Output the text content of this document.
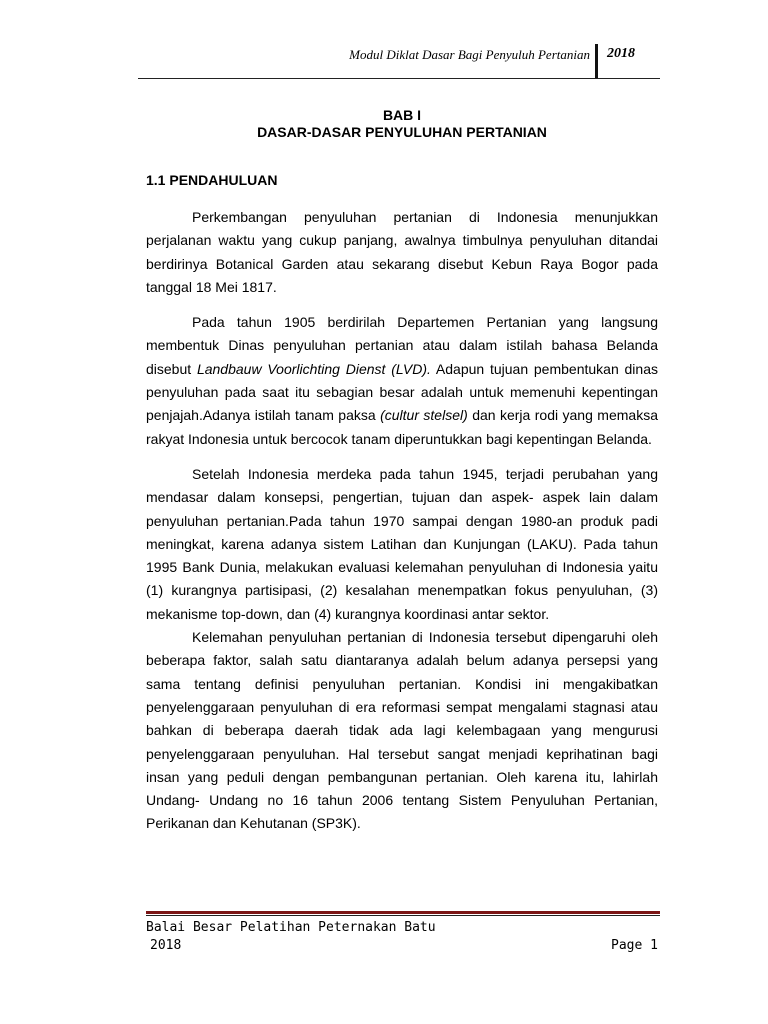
Modul Diklat Dasar Bagi Penyuluh Pertanian 2018
BAB I
DASAR-DASAR PENYULUHAN PERTANIAN
1.1 PENDAHULUAN

Perkembangan penyuluhan pertanian di Indonesia menunjukkan perjalanan waktu yang cukup panjang, awalnya timbulnya penyuluhan ditandai berdirinya Botanical Garden atau sekarang disebut Kebun Raya Bogor pada tanggal 18 Mei 1817.

Pada tahun 1905 berdirilah Departemen Pertanian yang langsung membentuk Dinas penyuluhan pertanian atau dalam istilah bahasa Belanda disebut Landbauw Voorlichting Dienst (LVD). Adapun tujuan pembentukan dinas penyuluhan pada saat itu sebagian besar adalah untuk memenuhi kepentingan penjajah.Adanya istilah tanam paksa (cultur stelsel) dan kerja rodi yang memaksa rakyat Indonesia untuk bercocok tanam diperuntukkan bagi kepentingan Belanda.

Setelah Indonesia merdeka pada tahun 1945, terjadi perubahan yang mendasar dalam konsepsi, pengertian, tujuan dan aspek- aspek lain dalam penyuluhan pertanian.Pada tahun 1970 sampai dengan 1980-an produk padi meningkat, karena adanya sistem Latihan dan Kunjungan (LAKU). Pada tahun 1995 Bank Dunia, melakukan evaluasi kelemahan penyuluhan di Indonesia yaitu (1) kurangnya partisipasi, (2) kesalahan menempatkan fokus penyuluhan, (3) mekanisme top-down, dan (4) kurangnya koordinasi antar sektor.

Kelemahan penyuluhan pertanian di Indonesia tersebut dipengaruhi oleh beberapa faktor, salah satu diantaranya adalah belum adanya persepsi yang sama tentang definisi penyuluhan pertanian. Kondisi ini mengakibatkan penyelenggaraan penyuluhan di era reformasi sempat mengalami stagnasi atau bahkan di beberapa daerah tidak ada lagi kelembagaan yang mengurusi penyelenggaraan penyuluhan. Hal tersebut sangat menjadi keprihatinan bagi insan yang peduli dengan pembangunan pertanian. Oleh karena itu, lahirlah Undang- Undang no 16 tahun 2006 tentang Sistem Penyuluhan Pertanian, Perikanan dan Kehutanan (SP3K).

Balai Besar Pelatihan Peternakan Batu
2018	Page 1
